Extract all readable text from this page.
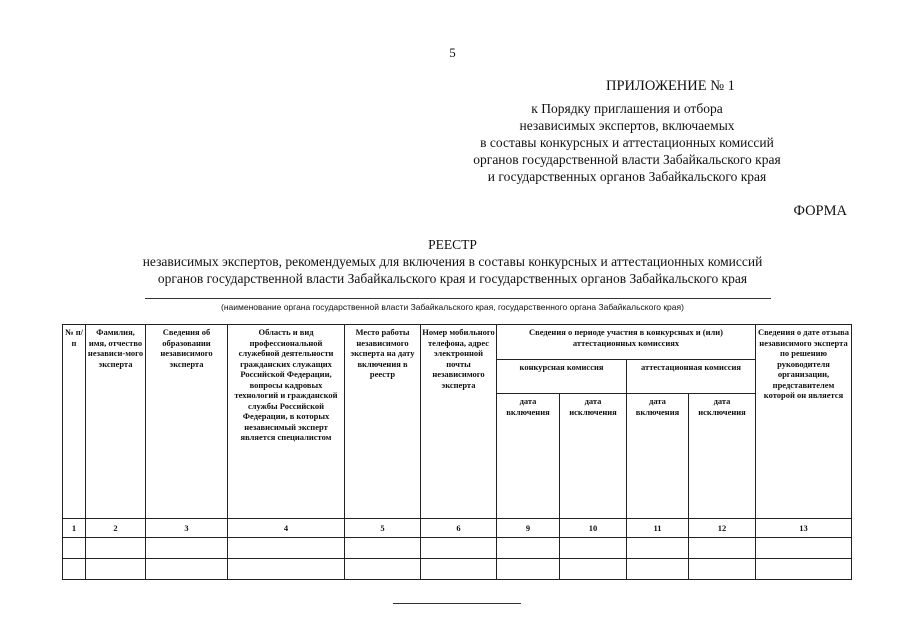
5
ПРИЛОЖЕНИЕ № 1
к Порядку приглашения и отбора
независимых экспертов, включаемых
в составы конкурсных и аттестационных комиссий
органов государственной власти Забайкальского края
и государственных органов Забайкальского края
ФОРМА
РЕЕСТР
независимых экспертов, рекомендуемых для включения в составы конкурсных и аттестационных комиссий
органов государственной власти Забайкальского края и государственных органов Забайкальского края
(наименование органа государственной власти Забайкальского края, государственного органа Забайкальского края)
№ п/п	Фамилия, имя, отчество независи-мого эксперта	Сведения об образовании независимого эксперта	Область и вид профессиональной служебной деятельности гражданских служащих Российской Федерации, вопросы кадровых технологий и гражданской службы Российской Федерации, в которых независимый эксперт является специалистом	Место работы независимого эксперта на дату включения в реестр	Номер мобильного телефона, адрес электронной почты независимого эксперта	Сведения о периоде участия в конкурсных и (или) аттестационных комиссиях				Сведения о дате отзыва независимого эксперта по решению руководителя организации, представителем которой он является
						конкурсная комиссия		аттестационная комиссия		
						дата включения	дата исключения	дата включения	дата исключения	
1	2	3	4	5	6	9	10	11	12	13
